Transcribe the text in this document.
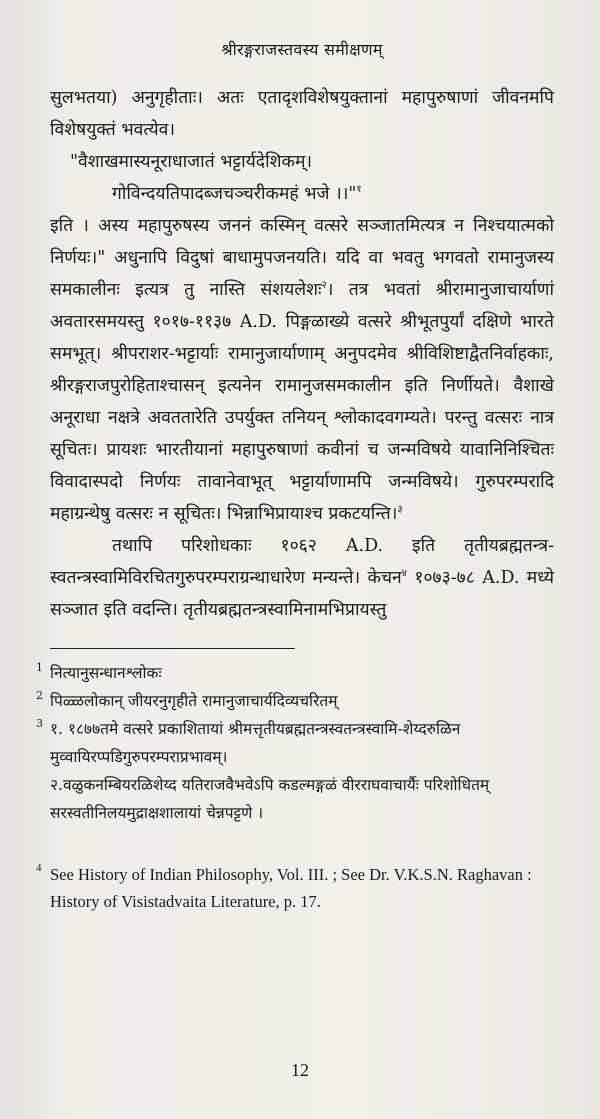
श्रीरङ्गराजस्तवस्य समीक्षणम्

सुलभतया) अनुगृहीताः। अतः एतादृशविशेषयुक्तानां महापुरुषाणां जीवनमपि विशेषयुक्तं भवत्येव।

"वैशाखमास्यनूराधाजातं भट्टार्यदेशिकम्।
गोविन्दयतिपादब्जचञ्चरीकमहं भजे ।।"$^१$

इति । अस्य महापुरुषस्य जननं कस्मिन् वत्सरे सञ्जातमित्यत्र न निश्चयात्मको निर्णयः।" अधुनापि विदुषां बाधामुपजनयति। यदि वा भवतु भगवतो रामानुजस्य समकालीनः इत्यत्र तु नास्ति संशयलेशः$^२$। तत्र भवतां श्रीरामानुजाचार्याणां अवतारसमयस्तु १०१७-११३७ A.D. पिङ्गळाख्ये वत्सरे श्रीभूतपुर्यां दक्षिणे भारते समभूत्। श्रीपराशर-भट्टार्याः रामानुजार्याणाम् अनुपदमेव श्रीविशिष्टाद्वैतनिर्वाहकाः, श्रीरङ्गराजपुरोहिताश्चासन् इत्यनेन रामानुजसमकालीन इति निर्णीयते। वैशाखे अनूराधा नक्षत्रे अवततारेति उपर्युक्त तनियन् श्लोकादवगम्यते। परन्तु वत्सरः नात्र सूचितः। प्रायशः भारतीयानां महापुरुषाणां कवीनां च जन्मविषये यावानिनिश्चितः विवादास्पदो निर्णयः तावानेवाभूत् भट्टार्याणामपि जन्मविषये। गुरुपरम्परादि महाग्रन्थेषु वत्सरः न सूचितः। भिन्नाभिप्रायाश्च प्रकटयन्ति।$^३$

तथापि परिशोधकाः १०६२ A.D. इति तृतीयब्रह्मतन्त्र-स्वतन्त्रस्वामिविरचितगुरुपरम्पराग्रन्थाधारेण मन्यन्ते। केचन$^४$ १०७३-७८ A.D. मध्ये सञ्जात इति वदन्ति। तृतीयब्रह्मतन्त्रस्वामिनामभिप्रायस्तु

1 नित्यानुसन्धानश्लोकः
2 पिळ्ळलोकान् जीयरनुगृहीते रामानुजाचार्यदिव्यचरितम्
3 १. १८७७तमे वत्सरे प्रकाशितायां श्रीमत्तृतीयब्रह्मतन्त्रस्वतन्त्रस्वामि-शेय्दरुळिन मुव्वायिरप्पडिगुरुपरम्पराप्रभावम्।
२.वळुकनम्बियरळिशेय्द यतिराजवैभवेऽपि कडल्मङ्गळं वीरराघवाचार्यैः परिशोधितम् सरस्वतीनिलयमुद्राक्षशालायां चेन्नपट्टणे ।
4 See History of Indian Philosophy, Vol. III. ; See Dr. V.K.S.N. Raghavan : History of Visistadvaita Literature, p. 17.
12
